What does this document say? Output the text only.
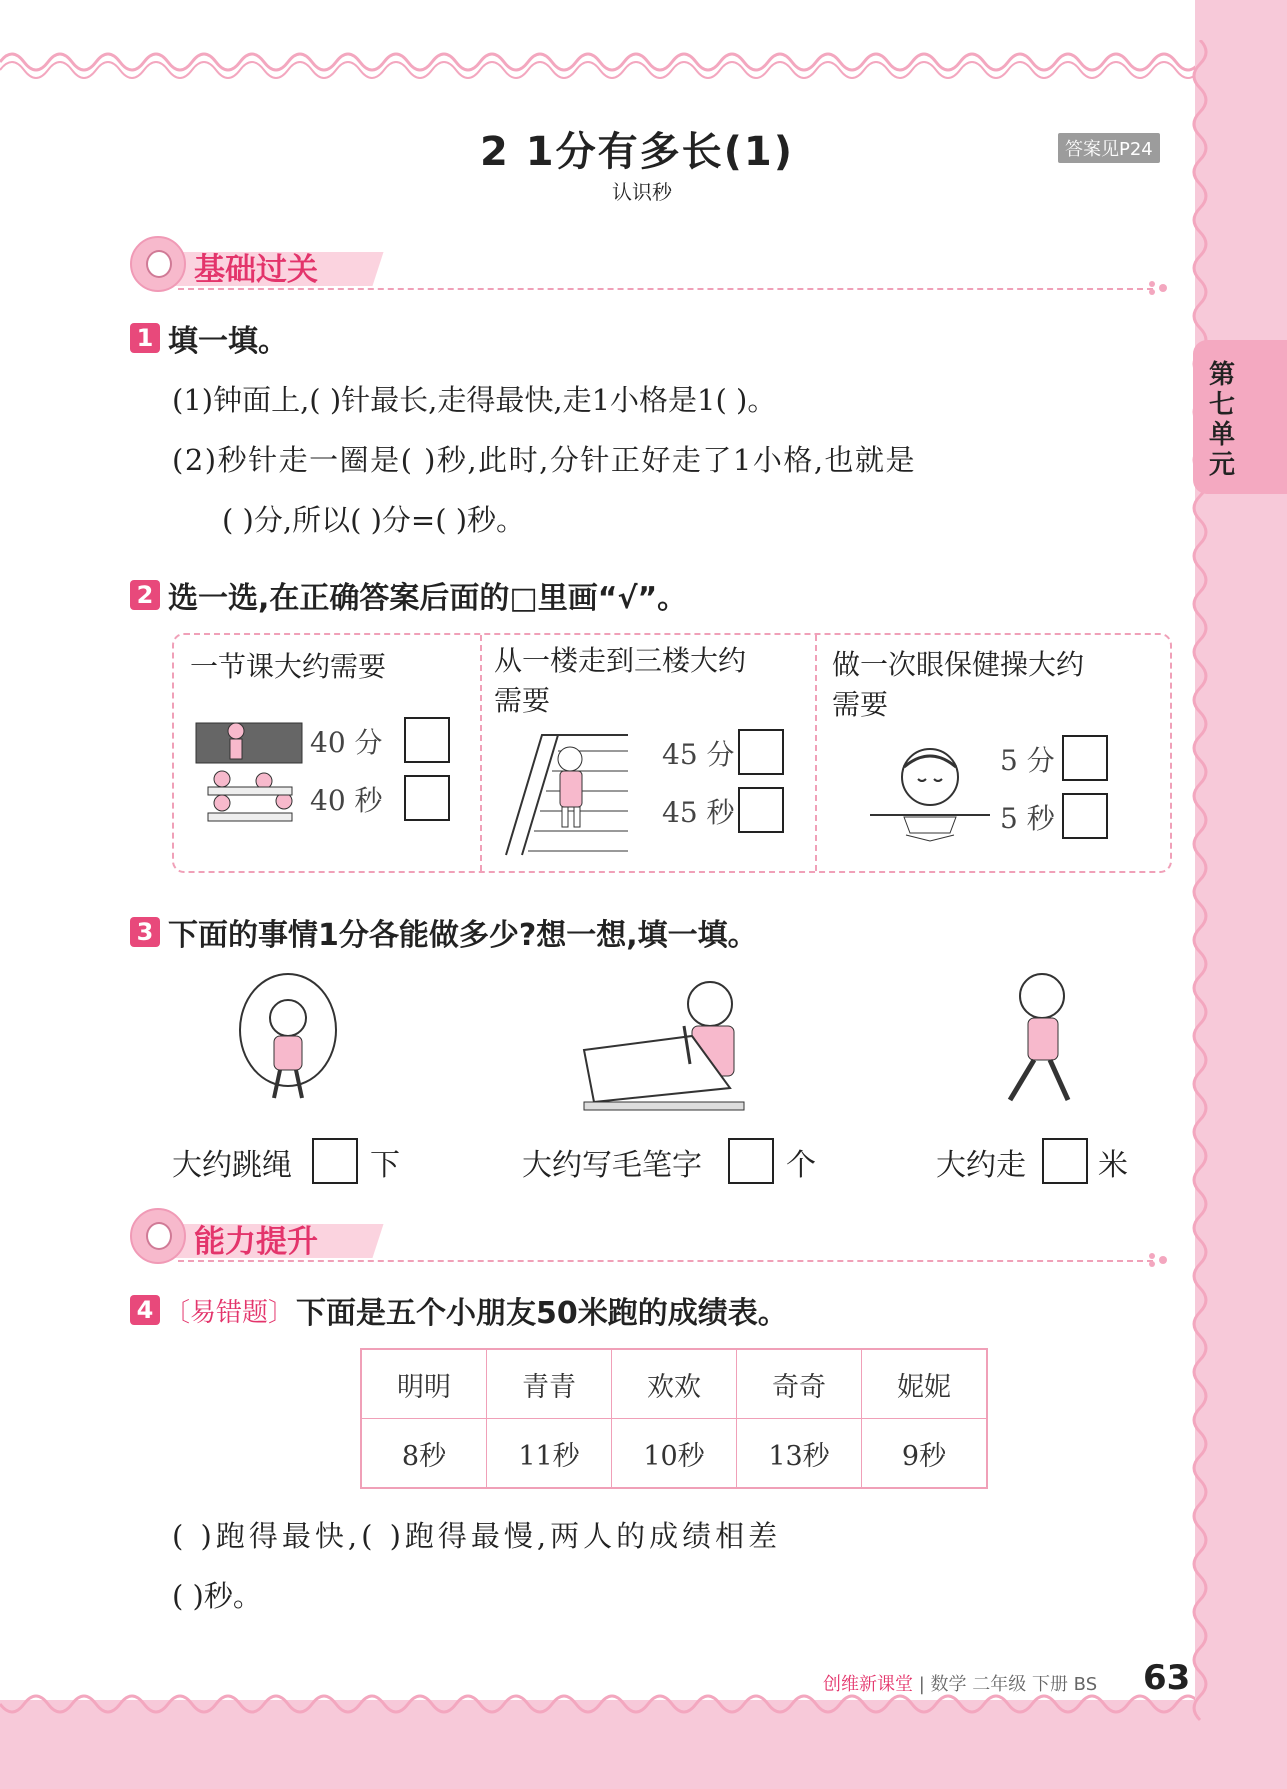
2 1分有多长(1)
认识秒
答案见P24
第七单元
基础过关
1 填一填。
(1)钟面上,( )针最长,走得最快,走1小格是1( )。
(2)秒针走一圈是( )秒,此时,分针正好走了1小格,也就是
( )分,所以( )分=( )秒。
2 选一选,在正确答案后面的□里画“√”。
一节课大约需要
40 分
40 秒
从一楼走到三楼大约
需要
45 分
45 秒
做一次眼保健操大约
需要
5 分
5 秒
3 下面的事情1分各能做多少?想一想,填一填。
大约跳绳	下	大约写毛笔字	个	大约走 米
能力提升
4 〔易错题〕下面是五个小朋友50米跑的成绩表。
明明	青青	欢欢	奇奇	妮妮
8秒	11秒	10秒	13秒	9秒
( )跑得最快,( )跑得最慢,两人的成绩相差
( )秒。
创维新课堂 | 数学 二年级 下册 BS 63
